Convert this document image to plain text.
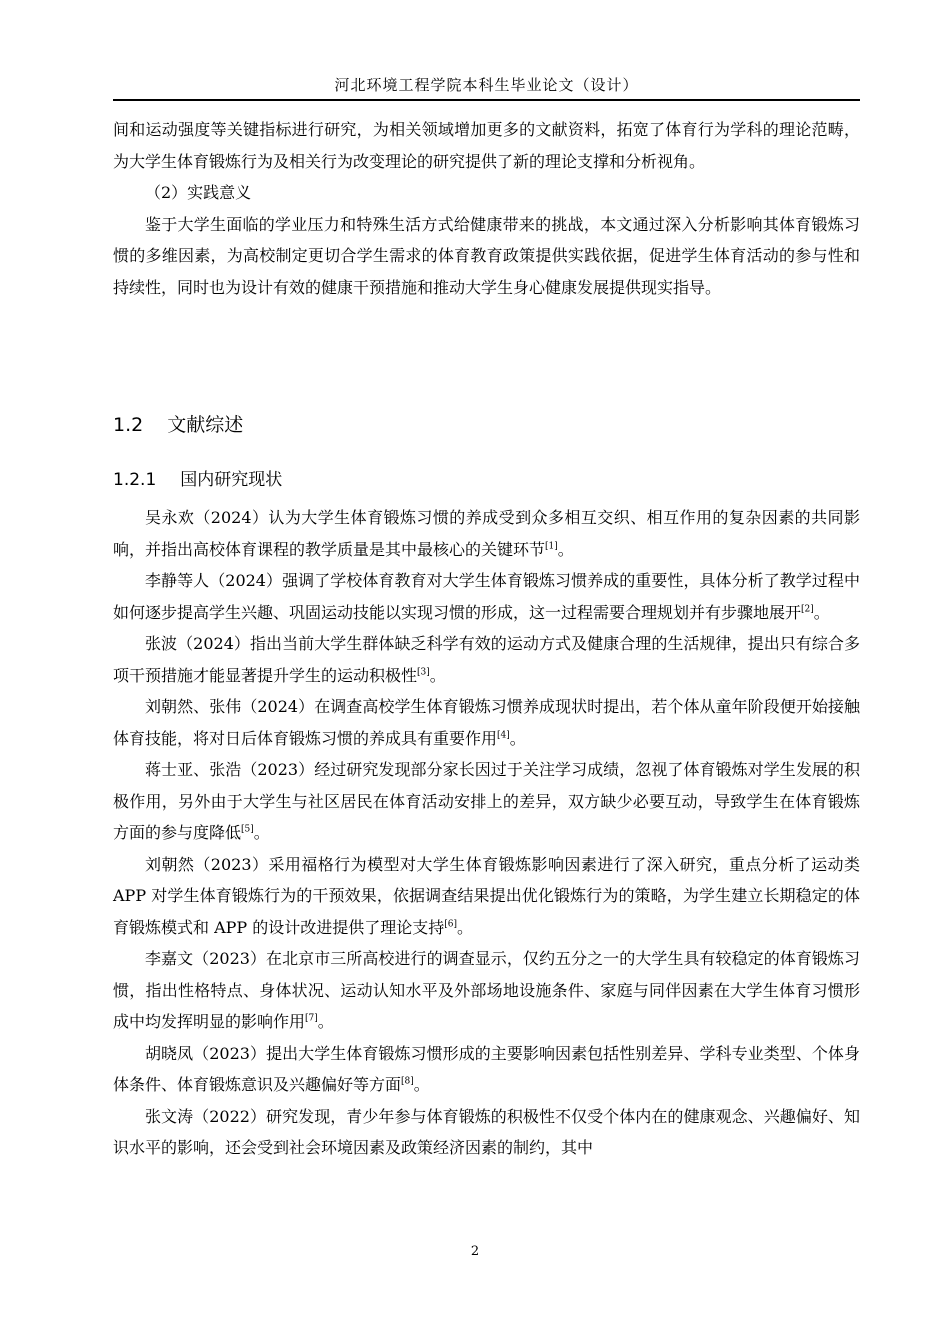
河北环境工程学院本科生毕业论文（设计）

间和运动强度等关键指标进行研究，为相关领域增加更多的文献资料，拓宽了体育行为学科的理论范畴，为大学生体育锻炼行为及相关行为改变理论的研究提供了新的理论支撑和分析视角。

（2）实践意义

鉴于大学生面临的学业压力和特殊生活方式给健康带来的挑战，本文通过深入分析影响其体育锻炼习惯的多维因素，为高校制定更切合学生需求的体育教育政策提供实践依据，促进学生体育活动的参与性和持续性，同时也为设计有效的健康干预措施和推动大学生身心健康发展提供现实指导。

1.2 文献综述
1.2.1 国内研究现状

吴永欢（2024）认为大学生体育锻炼习惯的养成受到众多相互交织、相互作用的复杂因素的共同影响，并指出高校体育课程的教学质量是其中最核心的关键环节[1]。

李静等人（2024）强调了学校体育教育对大学生体育锻炼习惯养成的重要性，具体分析了教学过程中如何逐步提高学生兴趣、巩固运动技能以实现习惯的形成，这一过程需要合理规划并有步骤地展开[2]。

张波（2024）指出当前大学生群体缺乏科学有效的运动方式及健康合理的生活规律，提出只有综合多项干预措施才能显著提升学生的运动积极性[3]。

刘朝然、张伟（2024）在调查高校学生体育锻炼习惯养成现状时提出，若个体从童年阶段便开始接触体育技能，将对日后体育锻炼习惯的养成具有重要作用[4]。

蒋士亚、张浩（2023）经过研究发现部分家长因过于关注学习成绩，忽视了体育锻炼对学生发展的积极作用，另外由于大学生与社区居民在体育活动安排上的差异，双方缺少必要互动，导致学生在体育锻炼方面的参与度降低[5]。

刘朝然（2023）采用福格行为模型对大学生体育锻炼影响因素进行了深入研究，重点分析了运动类 APP 对学生体育锻炼行为的干预效果，依据调查结果提出优化锻炼行为的策略，为学生建立长期稳定的体育锻炼模式和 APP 的设计改进提供了理论支持[6]。

李嘉文（2023）在北京市三所高校进行的调查显示，仅约五分之一的大学生具有较稳定的体育锻炼习惯，指出性格特点、身体状况、运动认知水平及外部场地设施条件、家庭与同伴因素在大学生体育习惯形成中均发挥明显的影响作用[7]。

胡晓凤（2023）提出大学生体育锻炼习惯形成的主要影响因素包括性别差异、学科专业类型、个体身体条件、体育锻炼意识及兴趣偏好等方面[8]。

张文涛（2022）研究发现，青少年参与体育锻炼的积极性不仅受个体内在的健康观念、兴趣偏好、知识水平的影响，还会受到社会环境因素及政策经济因素的制约，其中

2
